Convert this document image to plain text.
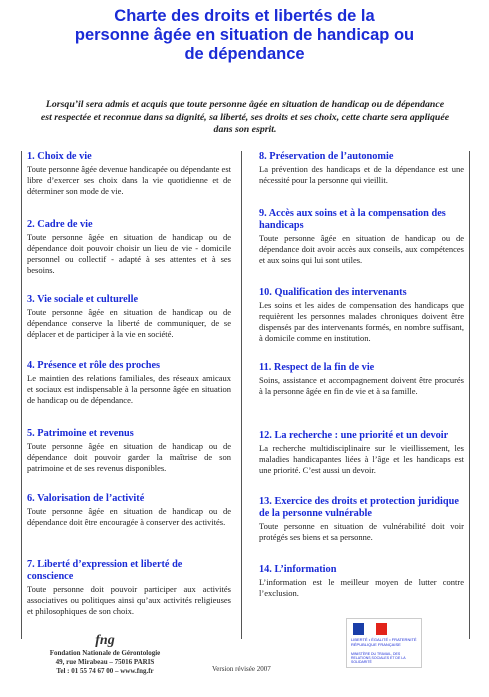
Charte des droits et libertés de la
personne âgée en situation de handicap ou
de dépendance
Lorsqu’il sera admis et acquis que toute personne âgée en situation de handicap ou de dépendance est respectée et reconnue dans sa dignité, sa liberté, ses droits et ses choix, cette charte sera appliquée dans son esprit.
1. Choix de vie

Toute personne âgée devenue handicapée ou dépendante est libre d’exercer ses choix dans la vie quotidienne et de déterminer son mode de vie.

2. Cadre de vie

Toute personne âgée en situation de handicap ou de dépendance doit pouvoir choisir un lieu de vie - domicile personnel ou collectif - adapté à ses attentes et à ses besoins.

3. Vie sociale et culturelle

Toute personne âgée en situation de handicap ou de dépendance conserve la liberté de communiquer, de se déplacer et de participer à la vie en société.

4. Présence et rôle des proches

Le maintien des relations familiales, des réseaux amicaux et sociaux est indispensable à la personne âgée en situation de handicap ou de dépendance.

5. Patrimoine et revenus

Toute personne âgée en situation de handicap ou de dépendance doit pouvoir garder la maîtrise de son patrimoine et de ses revenus disponibles.

6. Valorisation de l’activité

Toute personne âgée en situation de handicap ou de dépendance doit être encouragée à conserver des activités.

7. Liberté d’expression et liberté de conscience

Toute personne doit pouvoir participer aux activités associatives ou politiques ainsi qu’aux activités religieuses et philosophiques de son choix.

8. Préservation de l’autonomie

La prévention des handicaps et de la dépendance est une nécessité pour la personne qui vieillit.

9. Accès aux soins et à la compensation des handicaps

Toute personne âgée en situation de handicap ou de dépendance doit avoir accès aux conseils, aux compétences et aux soins qui lui sont utiles.

10. Qualification des intervenants

Les soins et les aides de compensation des handicaps que requièrent les personnes malades chroniques doivent être dispensés par des intervenants formés, en nombre suffisant, à domicile comme en institution.

11. Respect de la fin de vie

Soins, assistance et accompagnement doivent être procurés à la personne âgée en fin de vie et à sa famille.

12. La recherche : une priorité et un devoir

La recherche multidisciplinaire sur le vieillissement, les maladies handicapantes liées à l’âge et les handicaps est une priorité. C’est aussi un devoir.

13. Exercice des droits et protection juridique de la personne vulnérable

Toute personne en situation de vulnérabilité doit voir protégés ses biens et sa personne.

14. L’information

L’information est le meilleur moyen de lutter contre l’exclusion.

fng
Fondation Nationale de Gérontologie
49, rue Mirabeau – 75016 PARIS
Tel : 01 55 74 67 00 – www.fng.fr	Version révisée 2007
LIBERTÉ • ÉGALITÉ • FRATERNITÉ RÉPUBLIQUE FRANÇAISE
MINISTÈRE DU TRAVAIL, DES RELATIONS SOCIALES ET DE LA SOLIDARITÉ
